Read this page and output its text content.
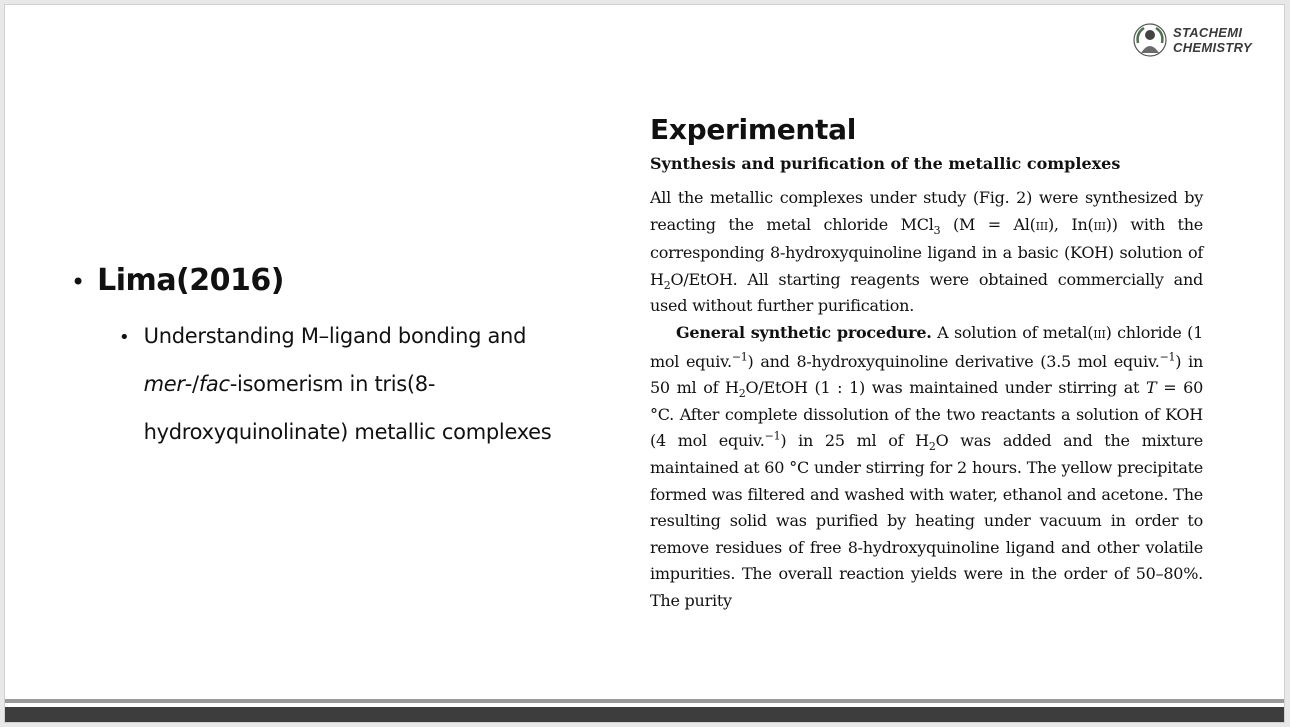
STACHEMI
CHEMISTRY
• Lima(2016)
• Understanding M–ligand bonding and mer-/fac-isomerism in tris(8-hydroxyquinolinate) metallic complexes
Experimental
Synthesis and purification of the metallic complexes

All the metallic complexes under study (Fig. 2) were synthesized by reacting the metal chloride MCl$_3$ (M = Al(III), In(III)) with the corresponding 8-hydroxyquinoline ligand in a basic (KOH) solution of $H_2O$/EtOH. All starting reagents were obtained commercially and used without further purification.

General synthetic procedure. A solution of metal(III) chloride (1 mol equiv.$^{-1}$) and 8-hydroxyquinoline derivative (3.5 mol equiv.$^{-1}$) in 50 ml of $H_2O$/EtOH (1 : 1) was maintained under stirring at T = 60 °C. After complete dissolution of the two reactants a solution of KOH (4 mol equiv.$^{-1}$) in 25 ml of $H_2O$ was added and the mixture maintained at 60 °C under stirring for 2 hours. The yellow precipitate formed was filtered and washed with water, ethanol and acetone. The resulting solid was purified by heating under vacuum in order to remove residues of free 8-hydroxyquinoline ligand and other volatile impurities. The overall reaction yields were in the order of 50–80%. The purity
